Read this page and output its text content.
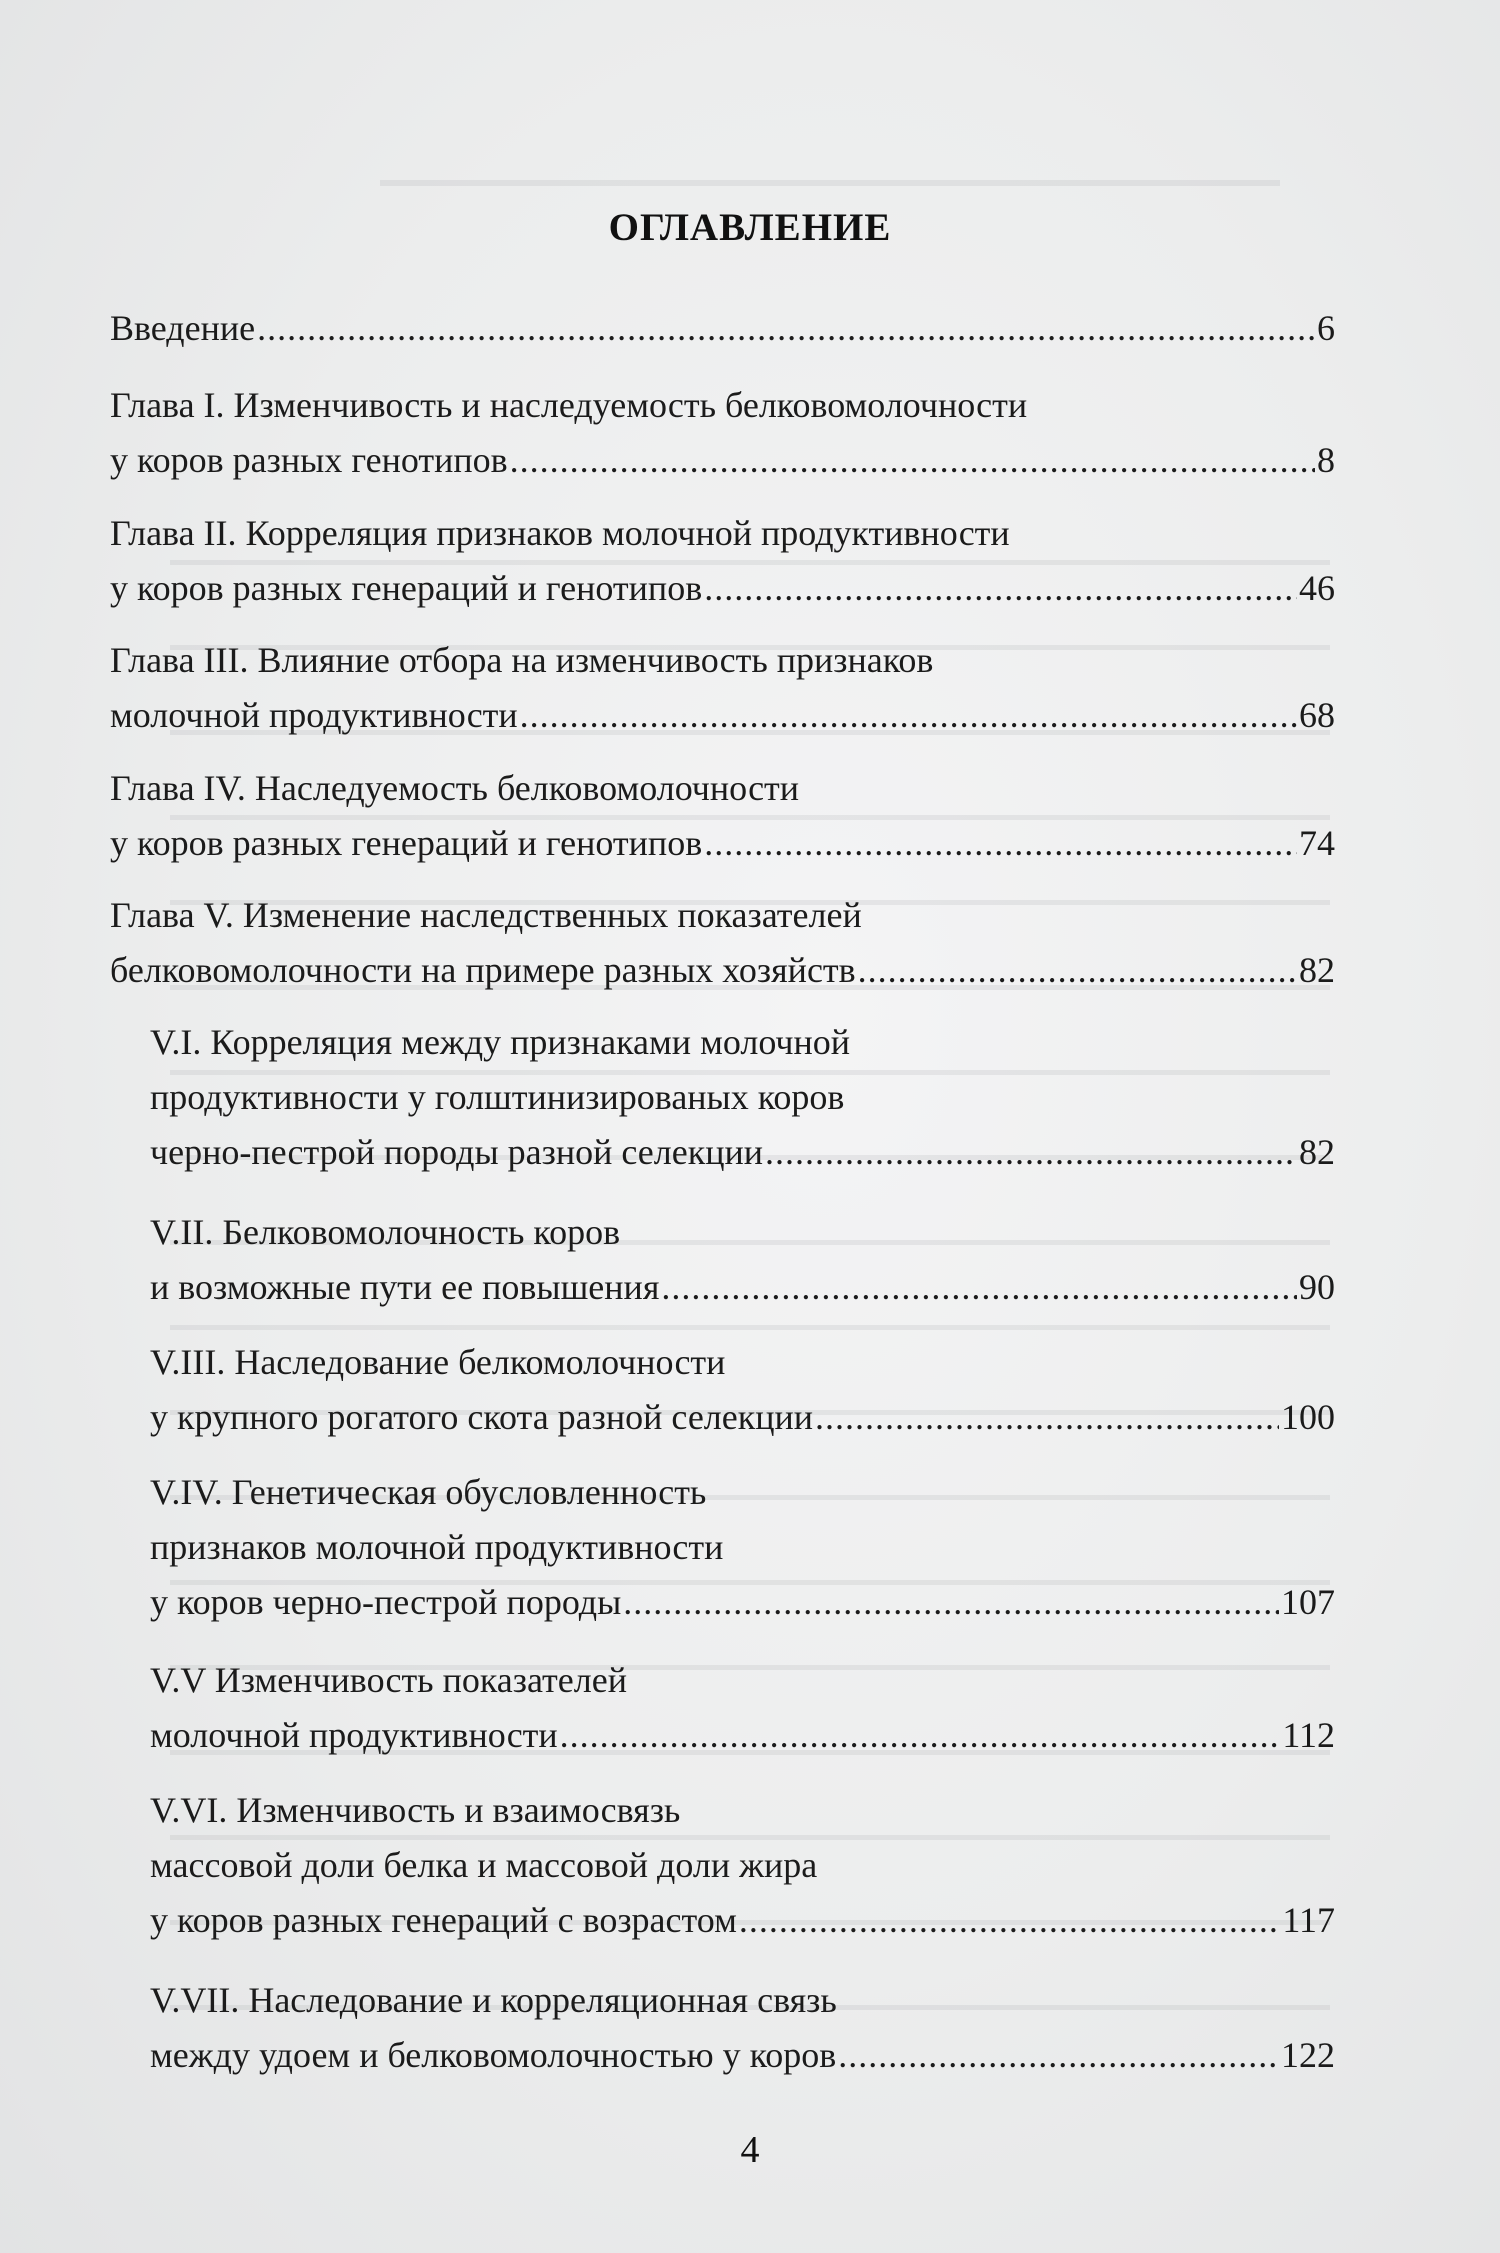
ОГЛАВЛЕНИЕ
Введение .....	6
Глава I. Изменчивость и наследуемость белковомолочности
у коров разных генотипов .....	8
Глава II. Корреляция признаков молочной продуктивности
у коров разных генераций и генотипов .....	46
Глава III. Влияние отбора на изменчивость признаков
молочной продуктивности .....	68
Глава IV. Наследуемость белковомолочности
у коров разных генераций и генотипов .....	74
Глава V. Изменение наследственных показателей
белковомолочности на примере разных хозяйств .....	82
V.I. Корреляция между признаками молочной
продуктивности у голштинизированых коров
черно-пестрой породы разной селекции .....	82
V.II. Белковомолочность коров
и возможные пути ее повышения .....	90
V.III. Наследование белкомолочности
у крупного рогатого скота разной селекции .....	100
V.IV. Генетическая обусловленность
признаков молочной продуктивности
у коров черно-пестрой породы .....	107
V.V Изменчивость показателей
молочной продуктивности .....	112
V.VI. Изменчивость и взаимосвязь
массовой доли белка и массовой доли жира
у коров разных генераций с возрастом .....	117
V.VII. Наследование и корреляционная связь
между удоем и белковомолочностью у коров .....	122
4
